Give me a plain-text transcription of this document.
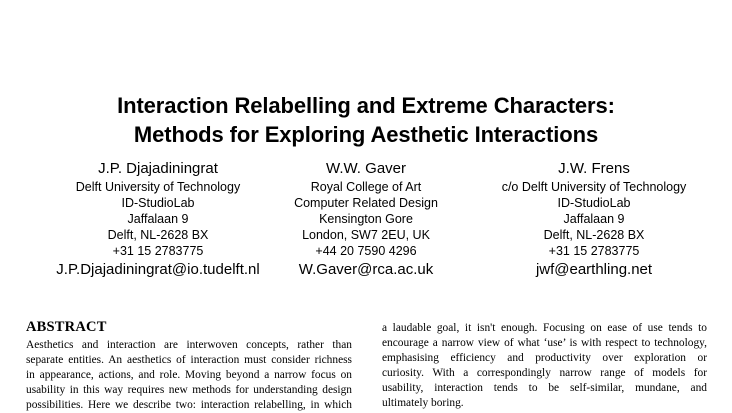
Interaction Relabelling and Extreme Characters:
Methods for Exploring Aesthetic Interactions
J.P. Djajadiningrat
Delft University of Technology
ID-StudioLab
Jaffalaan 9
Delft, NL-2628 BX
+31 15 2783775
J.P.Djajadiningrat@io.tudelft.nl
W.W. Gaver
Royal College of Art
Computer Related Design
Kensington Gore
London, SW7 2EU, UK
+44 20 7590 4296
W.Gaver@rca.ac.uk
J.W. Frens
c/o Delft University of Technology
ID-StudioLab
Jaffalaan 9
Delft, NL-2628 BX
+31 15 2783775
jwf@earthling.net
ABSTRACT
Aesthetics and interaction are interwoven concepts, rather than
separate entities. An aesthetics of interaction must consider richness
in appearance, actions, and role. Moving beyond a narrow focus on
usability in this way requires new methods for understanding design
possibilities. Here we describe two: interaction relabelling, in which
a laudable goal, it isn't enough. Focusing on ease of use tends to
encourage a narrow view of what ‘use’ is with respect to technology,
emphasising efficiency and productivity over exploration or
curiosity. With a correspondingly narrow range of models for
usability, interaction tends to be self-similar, mundane, and
ultimately boring.
